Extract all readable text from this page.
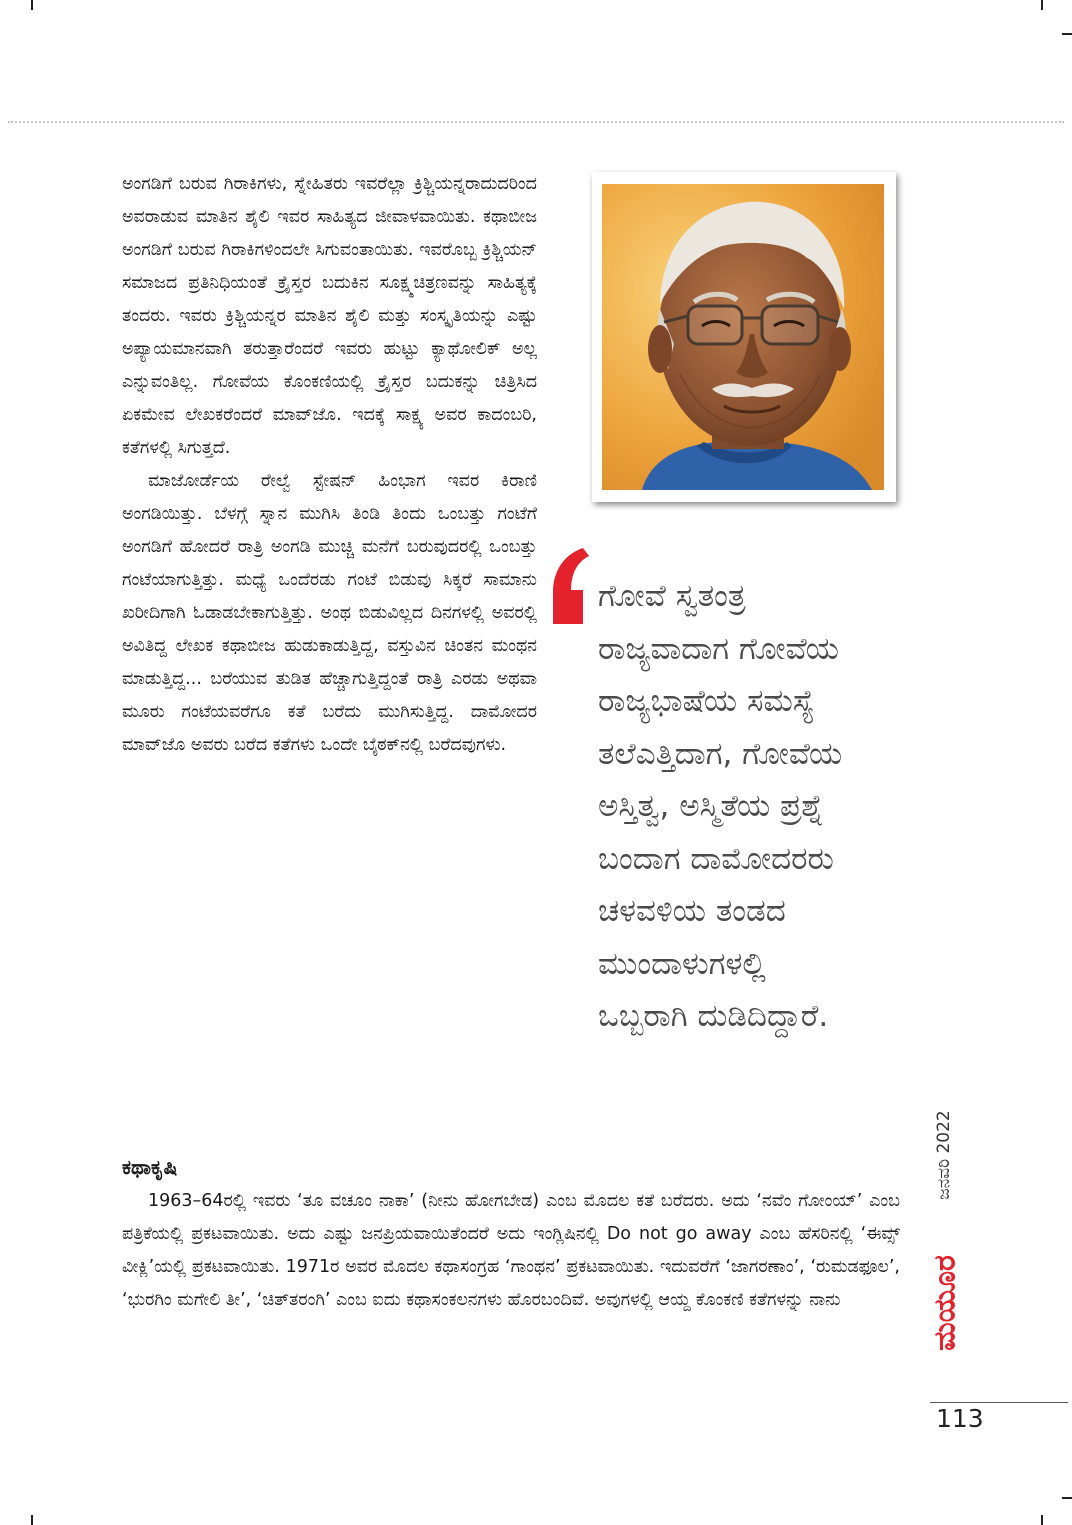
ಅಂಗಡಿಗೆ ಬರುವ ಗಿರಾಕಿಗಳು, ಸ್ನೇಹಿತರು ಇವರೆಲ್ಲಾ ಕ್ರಿಶ್ಚಿಯನ್ನರಾದುದರಿಂದ ಅವರಾಡುವ ಮಾತಿನ ಶೈಲಿ ಇವರ ಸಾಹಿತ್ಯದ ಜೀವಾಳವಾಯಿತು. ಕಥಾಬೀಜ ಅಂಗಡಿಗೆ ಬರುವ ಗಿರಾಕಿಗಳಿಂದಲೇ ಸಿಗುವಂತಾಯಿತು. ಇವರೊಬ್ಬ ಕ್ರಿಶ್ಚಿಯನ್ ಸಮಾಜದ ಪ್ರತಿನಿಧಿಯಂತೆ ಕ್ರೈಸ್ತರ ಬದುಕಿನ ಸೂಕ್ಷ್ಮಚಿತ್ರಣವನ್ನು ಸಾಹಿತ್ಯಕ್ಕೆ ತಂದರು. ಇವರು ಕ್ರಿಶ್ಚಿಯನ್ನರ ಮಾತಿನ ಶೈಲಿ ಮತ್ತು ಸಂಸ್ಕೃತಿಯನ್ನು ಎಷ್ಟು ಅಪ್ಯಾಯಮಾನವಾಗಿ ತರುತ್ತಾರೆಂದರೆ ಇವರು ಹುಟ್ಟು ಕ್ಯಾಥೋಲಿಕ್ ಅಲ್ಲ ಎನ್ನುವಂತಿಲ್ಲ. ಗೋವೆಯ ಕೊಂಕಣಿಯಲ್ಲಿ ಕ್ರೈಸ್ತರ ಬದುಕನ್ನು ಚಿತ್ರಿಸಿದ ಏಕಮೇವ ಲೇಖಕರೆಂದರೆ ಮಾವ್‌ಜೊ. ಇದಕ್ಕೆ ಸಾಕ್ಷ್ಯ ಅವರ ಕಾದಂಬರಿ, ಕತೆಗಳಲ್ಲಿ ಸಿಗುತ್ತದೆ.

ಮಾಜೋರ್ಡೆಯ ರೇಲ್ವೆ ಸ್ಟೇಷನ್ ಹಿಂಭಾಗ ಇವರ ಕಿರಾಣಿ ಅಂಗಡಿಯಿತ್ತು. ಬೆಳಗ್ಗೆ ಸ್ನಾನ ಮುಗಿಸಿ ತಿಂಡಿ ತಿಂದು ಒಂಬತ್ತು ಗಂಟೆಗೆ ಅಂಗಡಿಗೆ ಹೋದರೆ ರಾತ್ರಿ ಅಂಗಡಿ ಮುಚ್ಚಿ ಮನೆಗೆ ಬರುವುದರಲ್ಲಿ ಒಂಬತ್ತು ಗಂಟೆಯಾಗುತ್ತಿತ್ತು. ಮಧ್ಯೆ ಒಂದೆರಡು ಗಂಟೆ ಬಿಡುವು ಸಿಕ್ಕರೆ ಸಾಮಾನು ಖರೀದಿಗಾಗಿ ಓಡಾಡಬೇಕಾಗುತ್ತಿತ್ತು. ಅಂಥ ಬಿಡುವಿಲ್ಲದ ದಿನಗಳಲ್ಲಿ ಅವರಲ್ಲಿ ಅವಿತಿದ್ದ ಲೇಖಕ ಕಥಾಬೀಜ ಹುಡುಕಾಡುತ್ತಿದ್ದ, ವಸ್ತುವಿನ ಚಿಂತನ ಮಂಥನ ಮಾಡುತ್ತಿದ್ದ... ಬರೆಯುವ ತುಡಿತ ಹೆಚ್ಚಾಗುತ್ತಿದ್ದಂತೆ ರಾತ್ರಿ ಎರಡು ಅಥವಾ ಮೂರು ಗಂಟೆಯವರೆಗೂ ಕತೆ ಬರೆದು ಮುಗಿಸುತ್ತಿದ್ದ. ದಾಮೋದರ ಮಾವ್‌ಜೊ ಅವರು ಬರೆದ ಕತೆಗಳು ಒಂದೇ ಬೈಠಕ್‌ನಲ್ಲಿ ಬರೆದವುಗಳು.

ಗೋವೆ ಸ್ವತಂತ್ರ
ರಾಜ್ಯವಾದಾಗ ಗೋವೆಯ
ರಾಜ್ಯಭಾಷೆಯ ಸಮಸ್ಯೆ
ತಲೆಎತ್ತಿದಾಗ, ಗೋವೆಯ
ಅಸ್ತಿತ್ವ, ಅಸ್ಮಿತೆಯ ಪ್ರಶ್ನೆ
ಬಂದಾಗ ದಾಮೋದರರು
ಚಳವಳಿಯ ತಂಡದ
ಮುಂದಾಳುಗಳಲ್ಲಿ
ಒಬ್ಬರಾಗಿ ದುಡಿದಿದ್ದಾರೆ.
ಕಥಾಕೃಷಿ

1963–64ರಲ್ಲಿ ಇವರು ‘ತೂ ವಚೂಂ ನಾಕಾ’ (ನೀನು ಹೋಗಬೇಡ) ಎಂಬ ಮೊದಲ ಕತೆ ಬರೆದರು. ಅದು ‘ನವೆಂ ಗೋಂಯ್’ ಎಂಬ ಪತ್ರಿಕೆಯಲ್ಲಿ ಪ್ರಕಟವಾಯಿತು. ಅದು ಎಷ್ಟು ಜನಪ್ರಿಯವಾಯಿತೆಂದರೆ ಅದು ಇಂಗ್ಲಿಷಿನಲ್ಲಿ Do not go away ಎಂಬ ಹೆಸರಿನಲ್ಲಿ ‘ಈವ್ಸ್ ವೀಕ್ಲಿ’ಯಲ್ಲಿ ಪ್ರಕಟವಾಯಿತು. 1971ರ ಅವರ ಮೊದಲ ಕಥಾಸಂಗ್ರಹ ‘ಗಾಂಥನ’ ಪ್ರಕಟವಾಯಿತು. ಇದುವರೆಗೆ ‘ಜಾಗರಣಾಂ’, ‘ರುಮಡಫೂಲ’, ‘ಭುರಗಿಂ ಮಗೇಲಿ ತೀ’, ‘ಚಿತ್‌ತರಂಗಿ’ ಎಂಬ ಐದು ಕಥಾಸಂಕಲನಗಳು ಹೊರಬಂದಿವೆ. ಅವುಗಳಲ್ಲಿ ಆಯ್ದ ಕೊಂಕಣಿ ಕತೆಗಳನ್ನು ನಾನು

ಜನವರಿ 2022
ಮಯೂರ
113
